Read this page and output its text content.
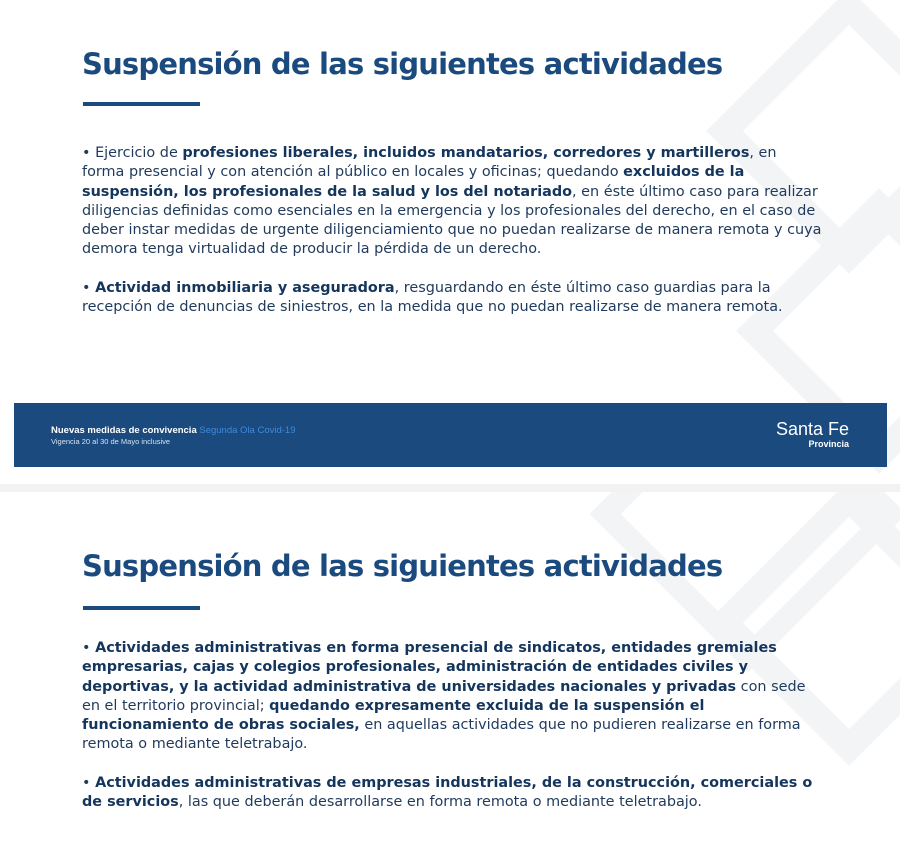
Suspensión de las siguientes actividades

• Ejercicio de profesiones liberales, incluidos mandatarios, corredores y martilleros, en forma presencial y con atención al público en locales y oficinas; quedando excluidos de la suspensión, los profesionales de la salud y los del notariado, en éste último caso para realizar diligencias definidas como esenciales en la emergencia y los profesionales del derecho, en el caso de deber instar medidas de urgente diligenciamiento que no puedan realizarse de manera remota y cuya demora tenga virtualidad de producir la pérdida de un derecho.

• Actividad inmobiliaria y aseguradora, resguardando en éste último caso guardias para la recepción de denuncias de siniestros, en la medida que no puedan realizarse de manera remota.

Nuevas medidas de convivencia Segunda Ola Covid-19
Vigencia 20 al 30 de Mayo inclusive
Santa Fe
Provincia
Suspensión de las siguientes actividades

• Actividades administrativas en forma presencial de sindicatos, entidades gremiales empresarias, cajas y colegios profesionales, administración de entidades civiles y deportivas, y la actividad administrativa de universidades nacionales y privadas con sede en el territorio provincial; quedando expresamente excluida de la suspensión el funcionamiento de obras sociales, en aquellas actividades que no pudieren realizarse en forma remota o mediante teletrabajo.

• Actividades administrativas de empresas industriales, de la construcción, comerciales o de servicios, las que deberán desarrollarse en forma remota o mediante teletrabajo.
